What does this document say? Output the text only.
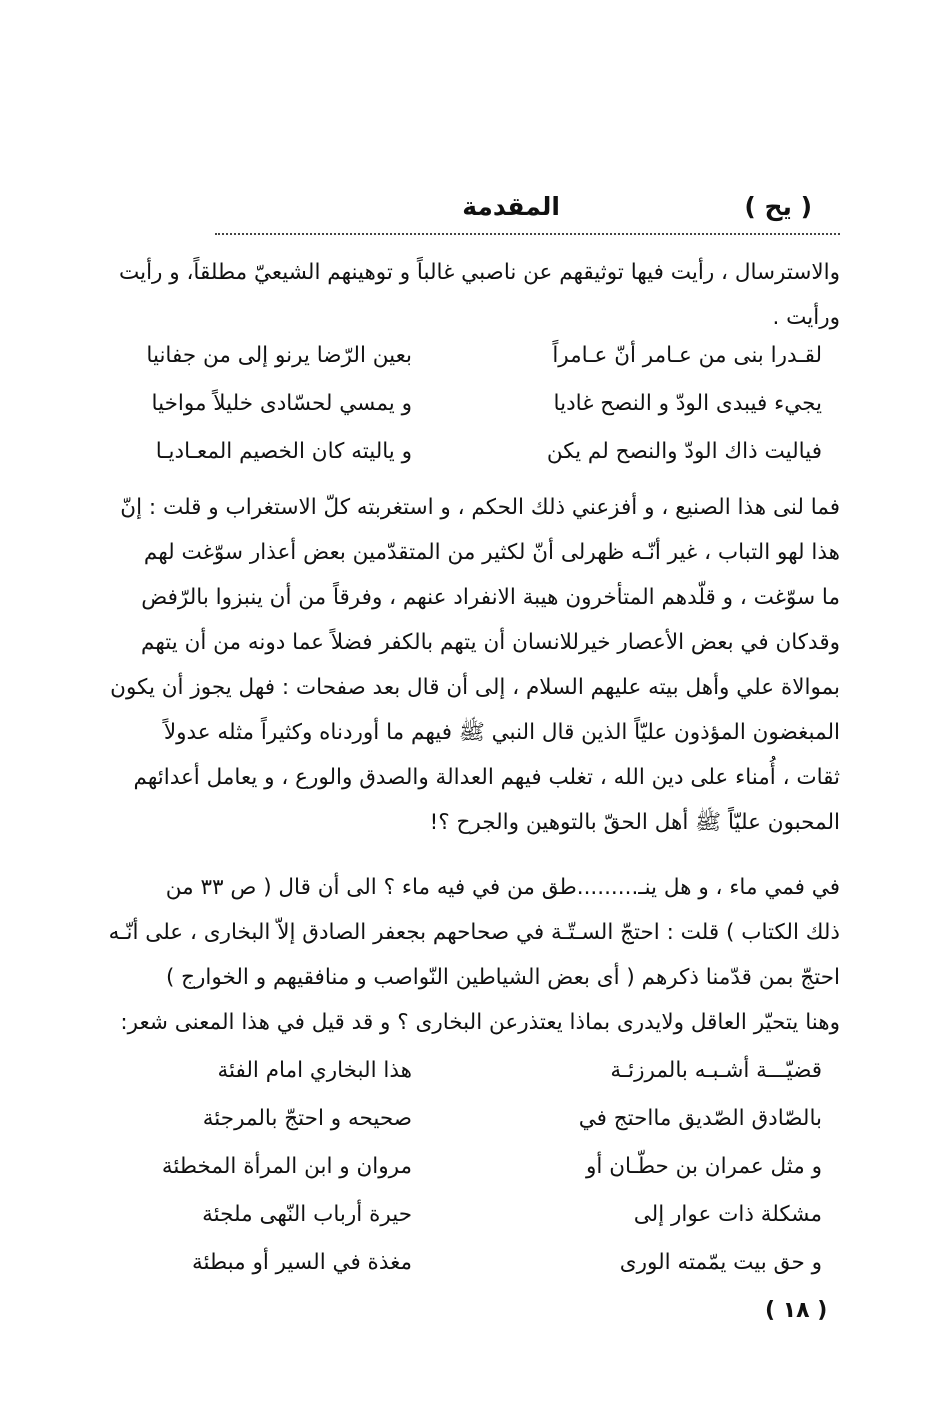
( يح )
المقدمة

والاسترسال ، رأيت فيها توثيقهم عن ناصبي غالباً و توهينهم الشيعيّ مطلقاً، و رأيت

ورأيت .

لقـدرا بنى من عـامر أنّ عـامراً
بعين الرّضا يرنو إلى من جفانيا
يجيء فيبدى الودّ و النصح غاديا
و يمسي لحسّادى خليلاً مواخيا
فياليت ذاك الودّ والنصح لم يكن
و ياليته كان الخصيم المعـاديـا

فما لنى هذا الصنيع ، و أفزعني ذلك الحكم ، و استغربته كلّ الاستغراب و قلت : إنّ

هذا لهو التباب ، غير أنّـه ظهرلى أنّ لكثير من المتقدّمين بعض أعذار سوّغت لهم

ما سوّغت ، و قلّدهم المتأخرون هيبة الانفراد عنهم ، وفرقاً من أن ينبزوا بالرّفض

وقدكان في بعض الأعصار خيرللانسان أن يتهم بالكفر فضلاً عما دونه من أن يتهم

بموالاة علي وأهل بيته عليهم السلام ، إلى أن قال بعد صفحات : فهل يجوز أن يكون

المبغضون المؤذون عليّاً الذين قال النبي ﷺ فيهم ما أوردناه وكثيراً مثله عدولاً

ثقات ، أُمناء على دين الله ، تغلب فيهم العدالة والصدق والورع ، و يعامل أعدائهم

المحبون عليّاً ﷺ أهل الحقّ بالتوهين والجرح ؟!

في فمي ماء ، و هل ينـ.........طق من في فيه ماء ؟ الى أن قال ( ص ٣٣ من

ذلك الكتاب ) قلت : احتجّ السـتّـة في صحاحهم بجعفر الصادق إلاّ البخارى ، على أنّـه

احتجّ بمن قدّمنا ذكرهم ( أى بعض الشياطين النّواصب و منافقيهم و الخوارج )

وهنا يتحيّر العاقل ولايدرى بماذا يعتذرعن البخارى ؟ و قد قيل في هذا المعنى شعر:

قضيّـــة أشـبـه بالمرزئـة
هذا البخاري امام الفئة
بالصّادق الصّديق مااحتج في
صحيحه و احتجّ بالمرجئة
و مثل عمران بن حطّـان أو
مروان و ابن المرأة المخطئة
مشكلة ذات عوار إلى
حيرة أرباب النّهى ملجئة
و حق بيت يمّمته الورى
مغذة في السير أو مبطئة
( ١٨ )
